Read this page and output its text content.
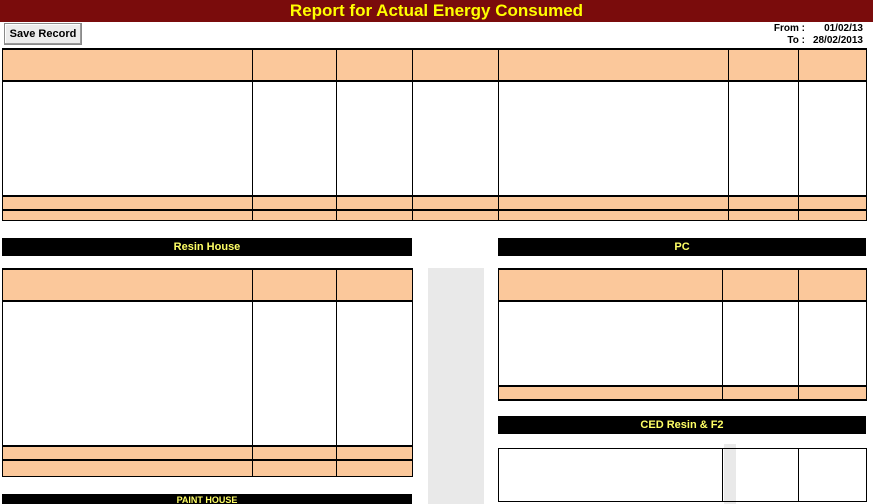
Report for Actual Energy Consumed
Save Record	From :	01/02/13
To : 28/02/2013
Resin House	PC
CED Resin & F2
PAINT HOUSE
